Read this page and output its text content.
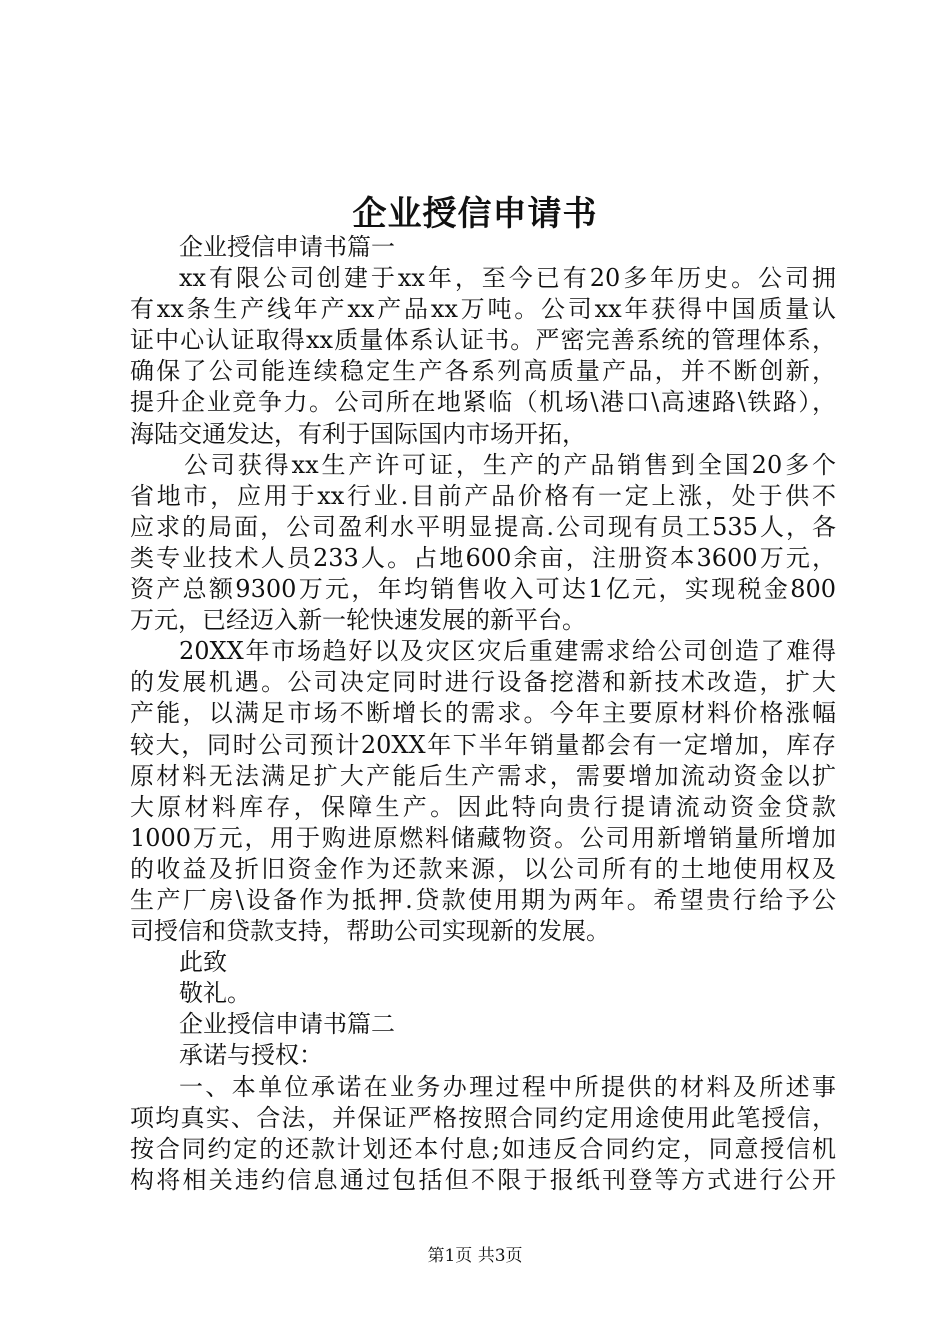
企业授信申请书
企业授信申请书篇一
xx有限公司创建于xx年，至今已有20多年历史。公司拥
有xx条生产线年产xx产品xx万吨。公司xx年获得中国质量认
证中心认证取得xx质量体系认证书。严密完善系统的管理体系，
确保了公司能连续稳定生产各系列高质量产品，并不断创新，
提升企业竞争力。公司所在地紧临（机场\港口\高速路\铁路），
海陆交通发达，有利于国际国内市场开拓，
公司获得xx生产许可证，生产的产品销售到全国20多个
省地市，应用于xx行业.目前产品价格有一定上涨，处于供不
应求的局面，公司盈利水平明显提高.公司现有员工535人，各
类专业技术人员233人。占地600余亩，注册资本3600万元，
资产总额9300万元，年均销售收入可达1亿元，实现税金800
万元，已经迈入新一轮快速发展的新平台。
20XX年市场趋好以及灾区灾后重建需求给公司创造了难得
的发展机遇。公司决定同时进行设备挖潜和新技术改造，扩大
产能，以满足市场不断增长的需求。今年主要原材料价格涨幅
较大，同时公司预计20XX年下半年销量都会有一定增加，库存
原材料无法满足扩大产能后生产需求，需要增加流动资金以扩
大原材料库存，保障生产。因此特向贵行提请流动资金贷款
1000万元，用于购进原燃料储藏物资。公司用新增销量所增加
的收益及折旧资金作为还款来源，以公司所有的土地使用权及
生产厂房\设备作为抵押.贷款使用期为两年。希望贵行给予公
司授信和贷款支持，帮助公司实现新的发展。
此致
敬礼。
企业授信申请书篇二
承诺与授权：
一、本单位承诺在业务办理过程中所提供的材料及所述事
项均真实、合法，并保证严格按照合同约定用途使用此笔授信，
按合同约定的还款计划还本付息;如违反合同约定，同意授信机
构将相关违约信息通过包括但不限于报纸刊登等方式进行公开
第1页 共3页
